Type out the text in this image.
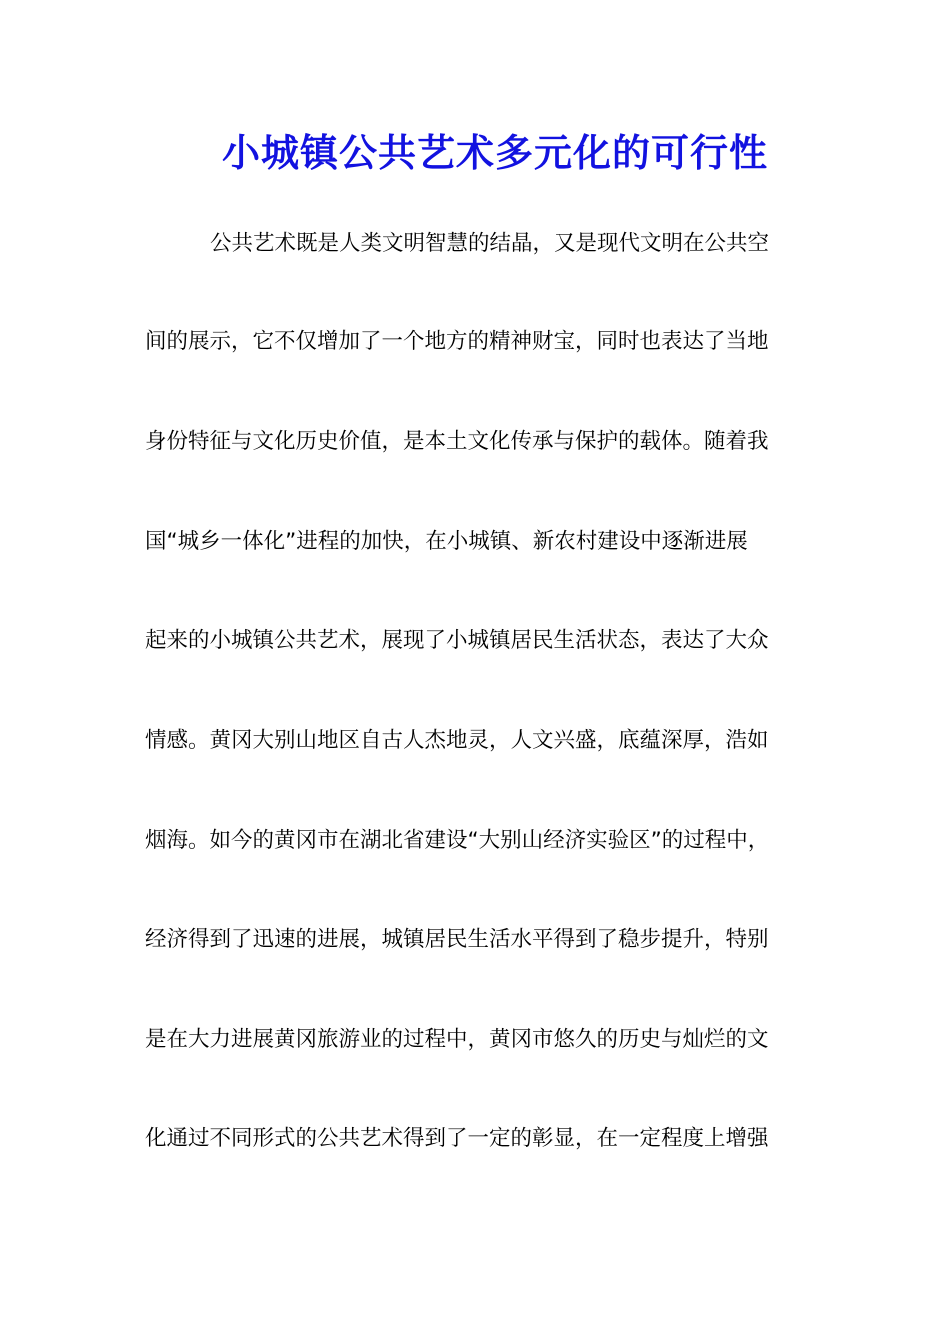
小城镇公共艺术多元化的可行性

公共艺术既是人类文明智慧的结晶，又是现代文明在公共空

间的展示，它不仅增加了一个地方的精神财宝，同时也表达了当地

身份特征与文化历史价值，是本土文化传承与保护的载体。随着我

国“城乡一体化”进程的加快，在小城镇、新农村建设中逐渐进展

起来的小城镇公共艺术，展现了小城镇居民生活状态，表达了大众

情感。黄冈大别山地区自古人杰地灵，人文兴盛，底蕴深厚，浩如

烟海。如今的黄冈市在湖北省建设“大别山经济实验区”的过程中，

经济得到了迅速的进展，城镇居民生活水平得到了稳步提升，特别

是在大力进展黄冈旅游业的过程中，黄冈市悠久的历史与灿烂的文

化通过不同形式的公共艺术得到了一定的彰显，在一定程度上增强
